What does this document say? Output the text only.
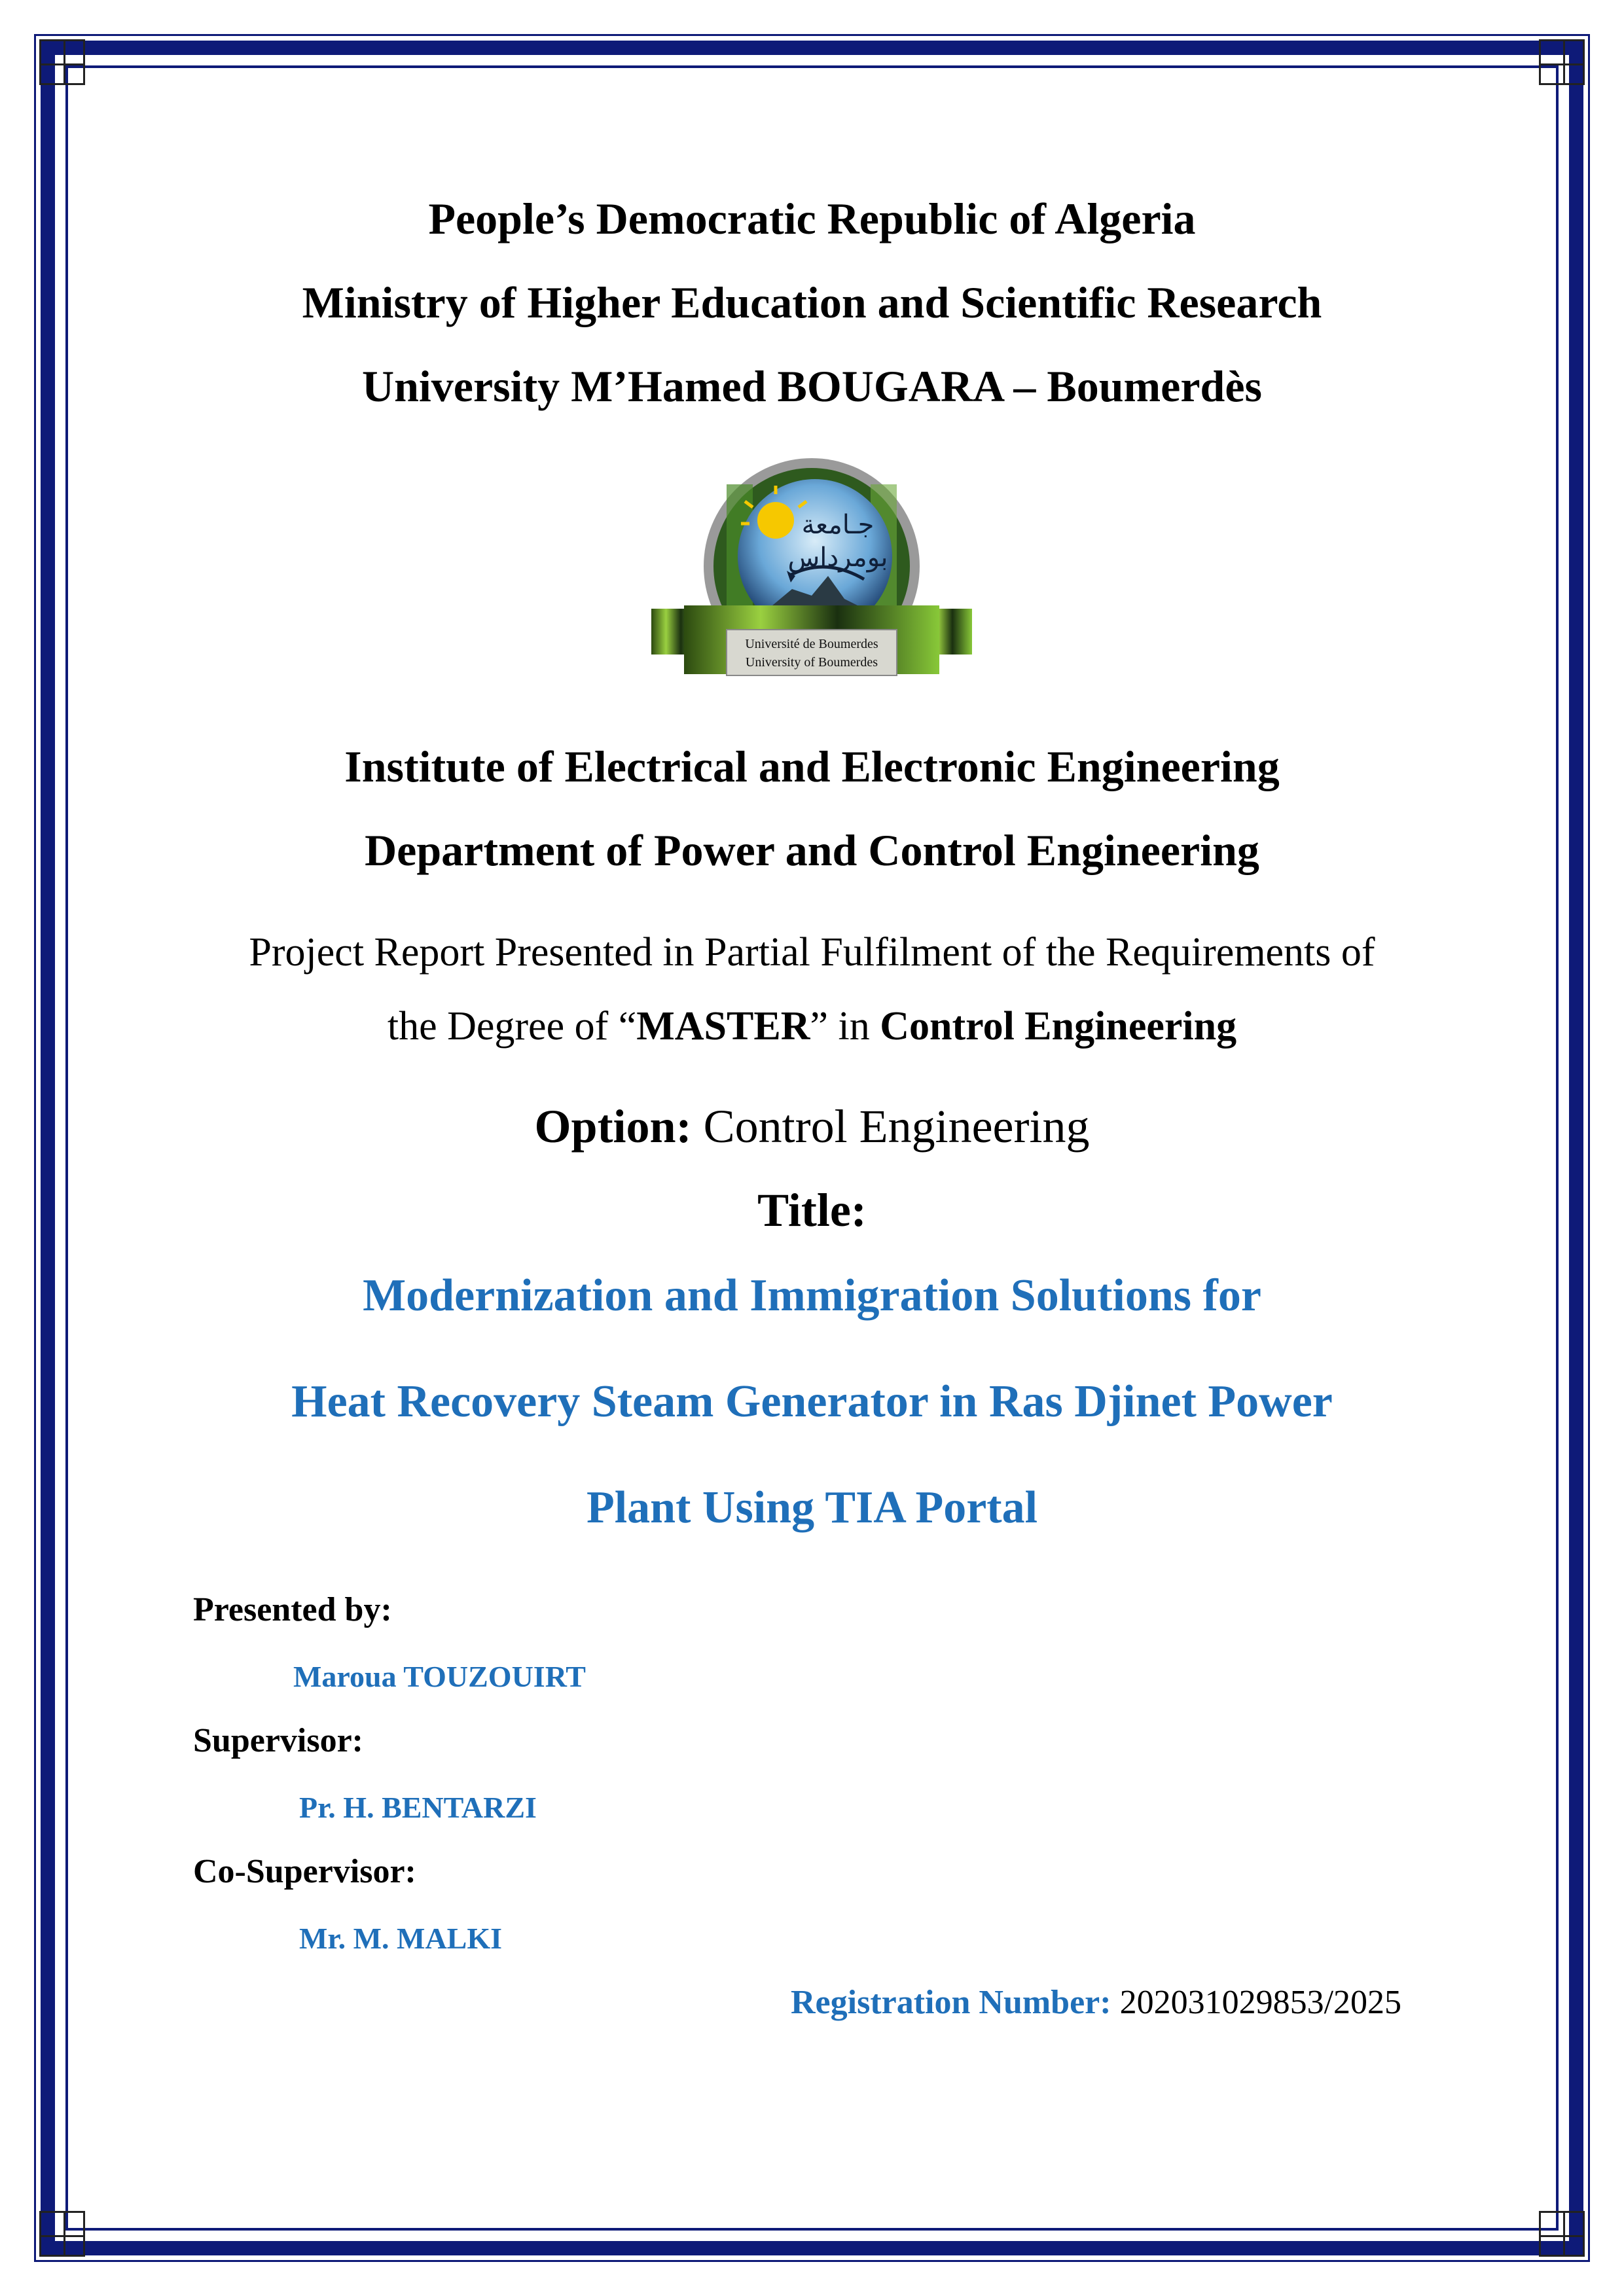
People’s Democratic Republic of Algeria
Ministry of Higher Education and Scientific Research
University M’Hamed BOUGARA – Boumerdès
جـامعة
بومرداس
Université de Boumerdes
University of Boumerdes
Institute of Electrical and Electronic Engineering
Department of Power and Control Engineering
Project Report Presented in Partial Fulfilment of the Requirements of
the Degree of “MASTER” in Control Engineering
Option: Control Engineering
Title:
Modernization and Immigration Solutions for
Heat Recovery Steam Generator in Ras Djinet Power
Plant Using TIA Portal
Presented by:
Maroua TOUZOUIRT
Supervisor:
Pr. H. BENTARZI
Co-Supervisor:
Mr. M. MALKI
Registration Number: 202031029853/2025
